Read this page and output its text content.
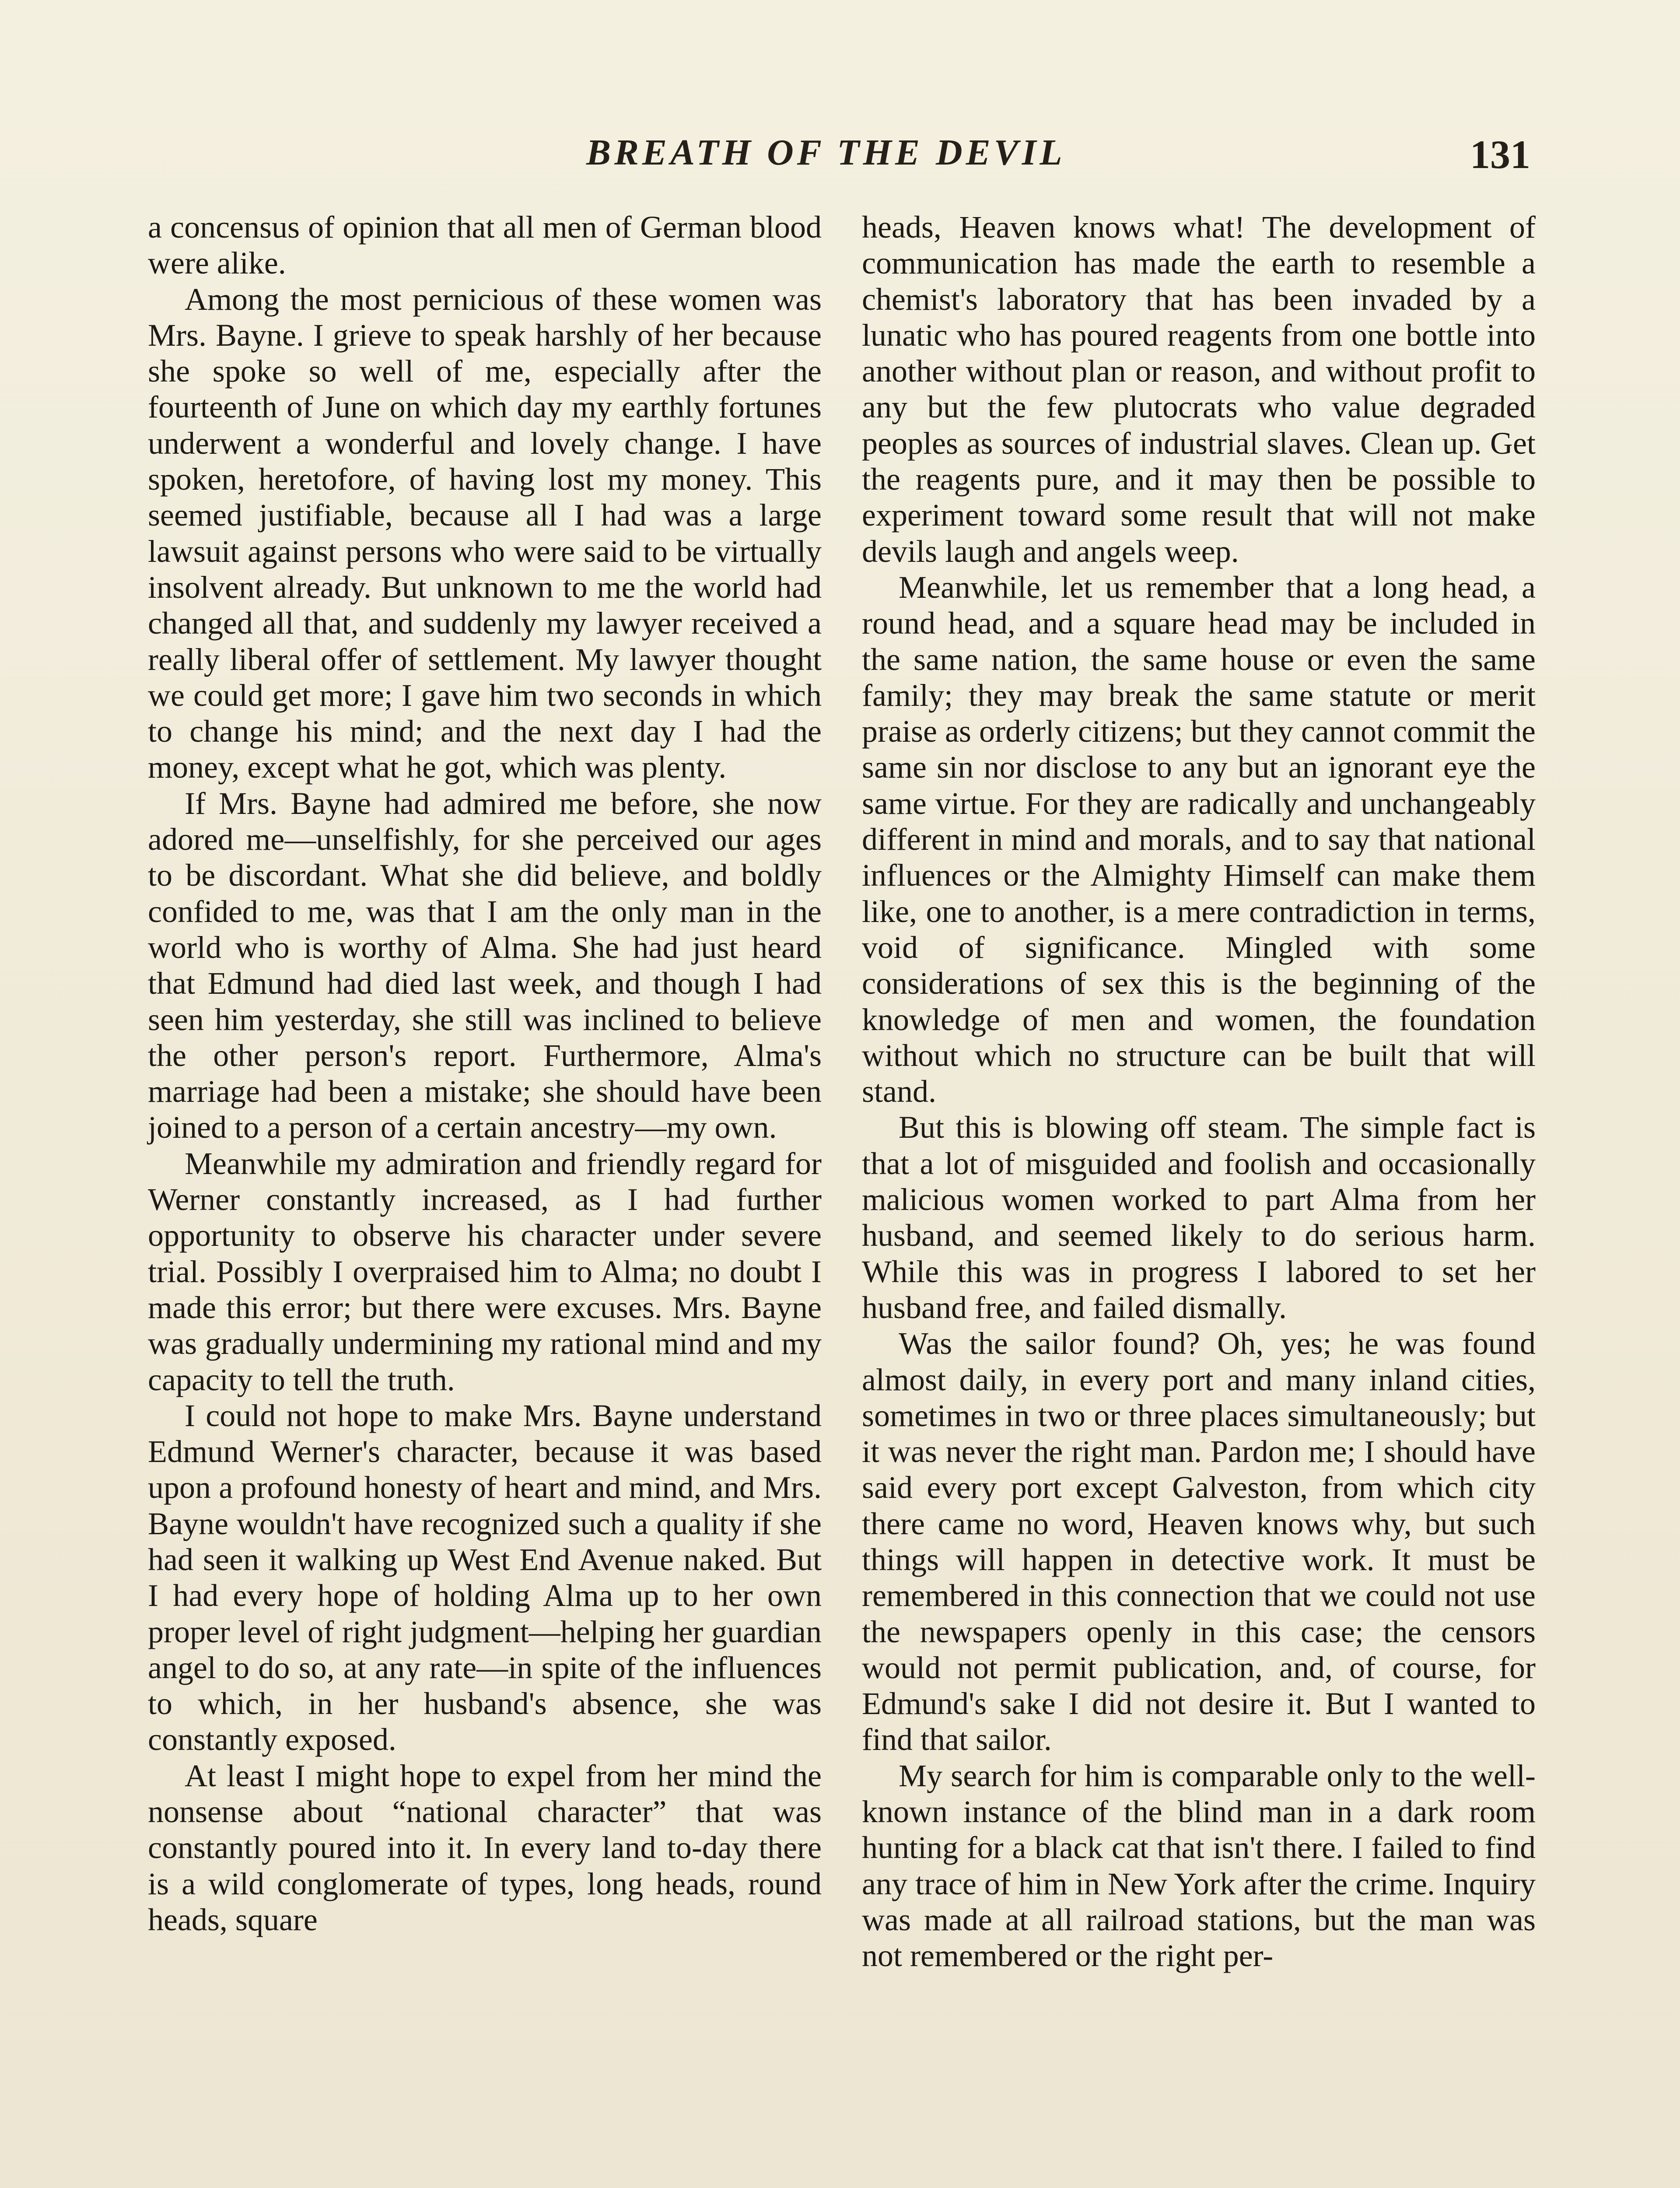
BREATH OF THE DEVIL	131

a concensus of opinion that all men of German blood were alike.

Among the most pernicious of these women was Mrs. Bayne. I grieve to speak harshly of her because she spoke so well of me, especially after the fourteenth of June on which day my earthly fortunes underwent a wonderful and lovely change. I have spoken, heretofore, of having lost my money. This seemed justifiable, because all I had was a large lawsuit against persons who were said to be virtually insolvent already. But unknown to me the world had changed all that, and suddenly my lawyer received a really liberal offer of settlement. My lawyer thought we could get more; I gave him two seconds in which to change his mind; and the next day I had the money, except what he got, which was plenty.

If Mrs. Bayne had admired me before, she now adored me—unselfishly, for she perceived our ages to be discordant. What she did believe, and boldly confided to me, was that I am the only man in the world who is worthy of Alma. She had just heard that Edmund had died last week, and though I had seen him yesterday, she still was inclined to believe the other person's report. Furthermore, Alma's marriage had been a mistake; she should have been joined to a person of a certain ancestry—my own.

Meanwhile my admiration and friendly regard for Werner constantly increased, as I had further opportunity to observe his character under severe trial. Possibly I overpraised him to Alma; no doubt I made this error; but there were excuses. Mrs. Bayne was gradually undermining my rational mind and my capacity to tell the truth.

I could not hope to make Mrs. Bayne understand Edmund Werner's character, because it was based upon a profound honesty of heart and mind, and Mrs. Bayne wouldn't have recognized such a quality if she had seen it walking up West End Avenue naked. But I had every hope of holding Alma up to her own proper level of right judgment—helping her guardian angel to do so, at any rate—in spite of the influences to which, in her husband's absence, she was constantly exposed.

At least I might hope to expel from her mind the nonsense about “national character” that was constantly poured into it. In every land to-day there is a wild conglomerate of types, long heads, round heads, square

heads, Heaven knows what! The development of communication has made the earth to resemble a chemist's laboratory that has been invaded by a lunatic who has poured reagents from one bottle into another without plan or reason, and without profit to any but the few plutocrats who value degraded peoples as sources of industrial slaves. Clean up. Get the reagents pure, and it may then be possible to experiment toward some result that will not make devils laugh and angels weep.

Meanwhile, let us remember that a long head, a round head, and a square head may be included in the same nation, the same house or even the same family; they may break the same statute or merit praise as orderly citizens; but they cannot commit the same sin nor disclose to any but an ignorant eye the same virtue. For they are radically and unchangeably different in mind and morals, and to say that national influences or the Almighty Himself can make them like, one to another, is a mere contradiction in terms, void of significance. Mingled with some considerations of sex this is the beginning of the knowledge of men and women, the foundation without which no structure can be built that will stand.

But this is blowing off steam. The simple fact is that a lot of misguided and foolish and occasionally malicious women worked to part Alma from her husband, and seemed likely to do serious harm. While this was in progress I labored to set her husband free, and failed dismally.

Was the sailor found? Oh, yes; he was found almost daily, in every port and many inland cities, sometimes in two or three places simultaneously; but it was never the right man. Pardon me; I should have said every port except Galveston, from which city there came no word, Heaven knows why, but such things will happen in detective work. It must be remembered in this connection that we could not use the newspapers openly in this case; the censors would not permit publication, and, of course, for Edmund's sake I did not desire it. But I wanted to find that sailor.

My search for him is comparable only to the well-known instance of the blind man in a dark room hunting for a black cat that isn't there. I failed to find any trace of him in New York after the crime. Inquiry was made at all railroad stations, but the man was not remembered or the right per-
